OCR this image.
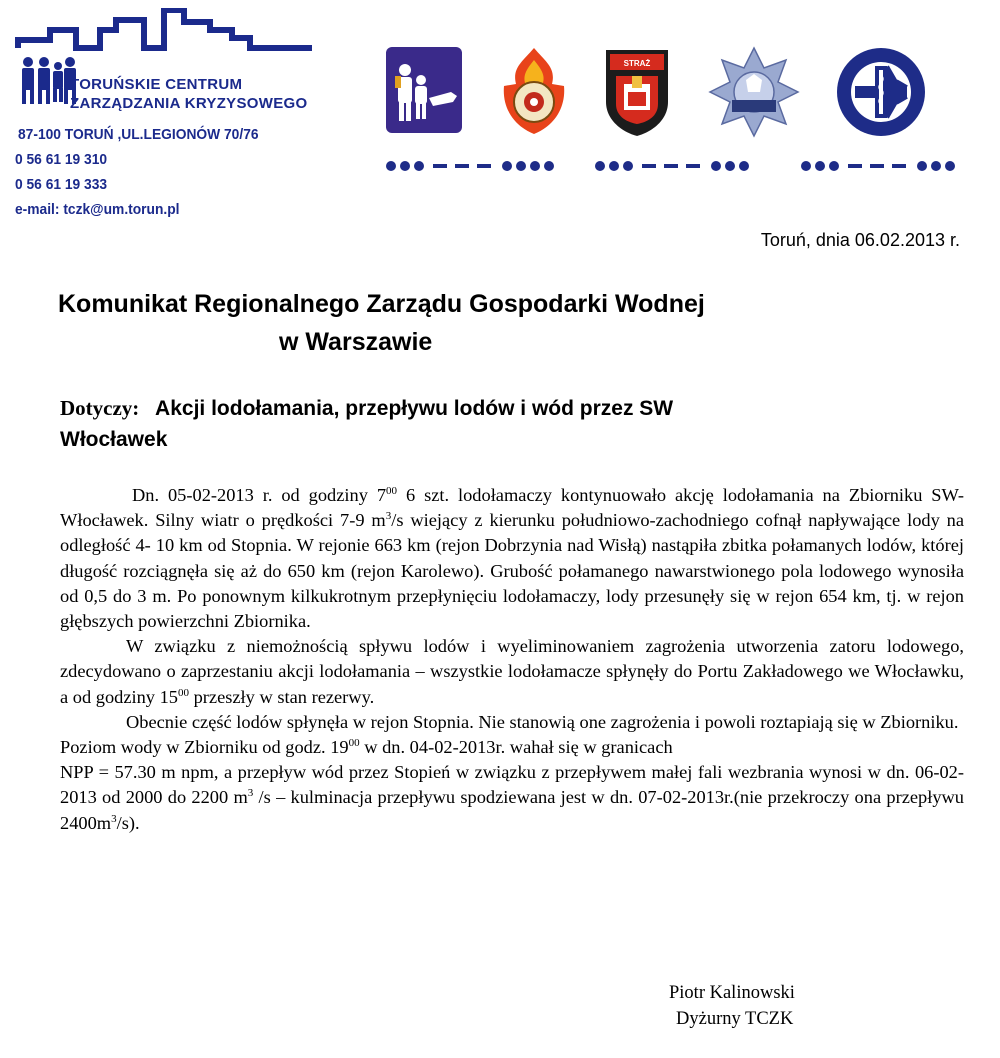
TORUŃSKIE CENTRUM
ZARZĄDZANIA KRYZYSOWEGO
87-100 TORUŃ ,UL.LEGIONÓW 70/76
0 56 61 19 310
0 56 61 19 333
e-mail: tczk@um.torun.pl
STRAŻ
Toruń, dnia 06.02.2013 r.
Komunikat Regionalnego Zarządu Gospodarki Wodnej
w Warszawie
Dotyczy: Akcji lodołamania, przepływu lodów i wód przez SW
Włocławek

Dn. 05-02-2013 r. od godziny $7^{00}$ 6 szt. lodołamaczy kontynuowało akcję lodołamania na Zbiorniku SW- Włocławek. Silny wiatr o prędkości 7-9 $m^3/s$ wiejący z kierunku południowo-zachodniego cofnął napływające lody na odległość 4- 10 km od Stopnia. W rejonie 663 km (rejon Dobrzynia nad Wisłą) nastąpiła zbitka połamanych lodów, której długość rozciągnęła się aż do 650 km (rejon Karolewo). Grubość połamanego nawarstwionego pola lodowego wynosiła od 0,5 do 3 m. Po ponownym kilkukrotnym przepłynięciu lodołamaczy, lody przesunęły się w rejon 654 km, tj. w rejon głębszych powierzchni Zbiornika.

W związku z niemożnością spływu lodów i wyeliminowaniem zagrożenia utworzenia zatoru lodowego, zdecydowano o zaprzestaniu akcji lodołamania – wszystkie lodołamacze spłynęły do Portu Zakładowego we Włocławku, a od godziny $15^{00}$ przeszły w stan rezerwy.

Obecnie część lodów spłynęła w rejon Stopnia. Nie stanowią one zagrożenia i powoli roztapiają się w Zbiorniku. Poziom wody w Zbiorniku od godz. $19^{00}$ w dn. 04-02-2013r. wahał się w granicach

NPP = 57.30 m npm, a przepływ wód przez Stopień w związku z przepływem małej fali wezbrania wynosi w dn. 06-02-2013 od 2000 do 2200 $m^3$ /s – kulminacja przepływu spodziewana jest w dn. 07-02-2013r.(nie przekroczy ona przepływu $2400m^3/s$).

Piotr Kalinowski
Dyżurny TCZK
